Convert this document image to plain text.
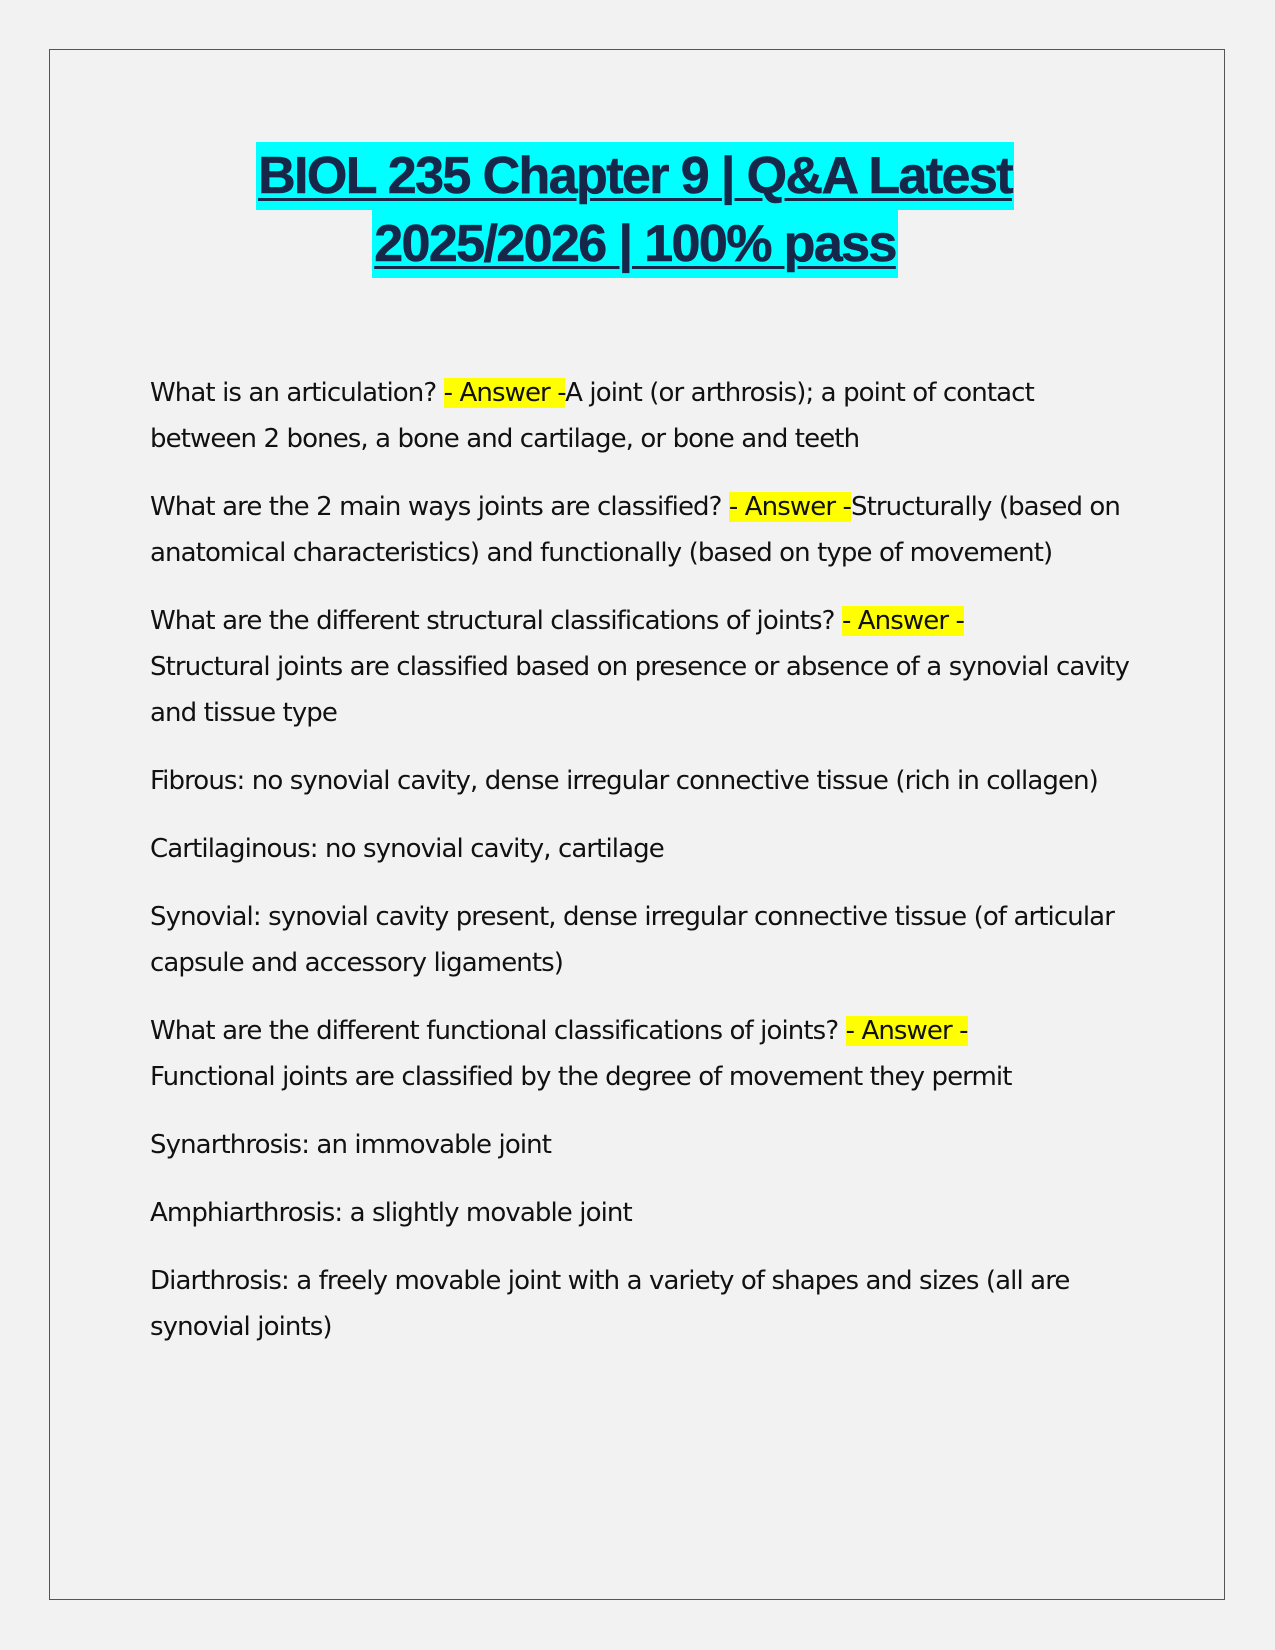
BIOL 235 Chapter 9 | Q&A Latest
2025/2026 | 100% pass

What is an articulation? - Answer -A joint (or arthrosis); a point of contact between 2 bones, a bone and cartilage, or bone and teeth

What are the 2 main ways joints are classified? - Answer -Structurally (based on anatomical characteristics) and functionally (based on type of movement)

What are the different structural classifications of joints? - Answer -
Structural joints are classified based on presence or absence of a synovial cavity and tissue type

Fibrous: no synovial cavity, dense irregular connective tissue (rich in collagen)

Cartilaginous: no synovial cavity, cartilage

Synovial: synovial cavity present, dense irregular connective tissue (of articular capsule and accessory ligaments)

What are the different functional classifications of joints? - Answer -
Functional joints are classified by the degree of movement they permit

Synarthrosis: an immovable joint

Amphiarthrosis: a slightly movable joint

Diarthrosis: a freely movable joint with a variety of shapes and sizes (all are synovial joints)
